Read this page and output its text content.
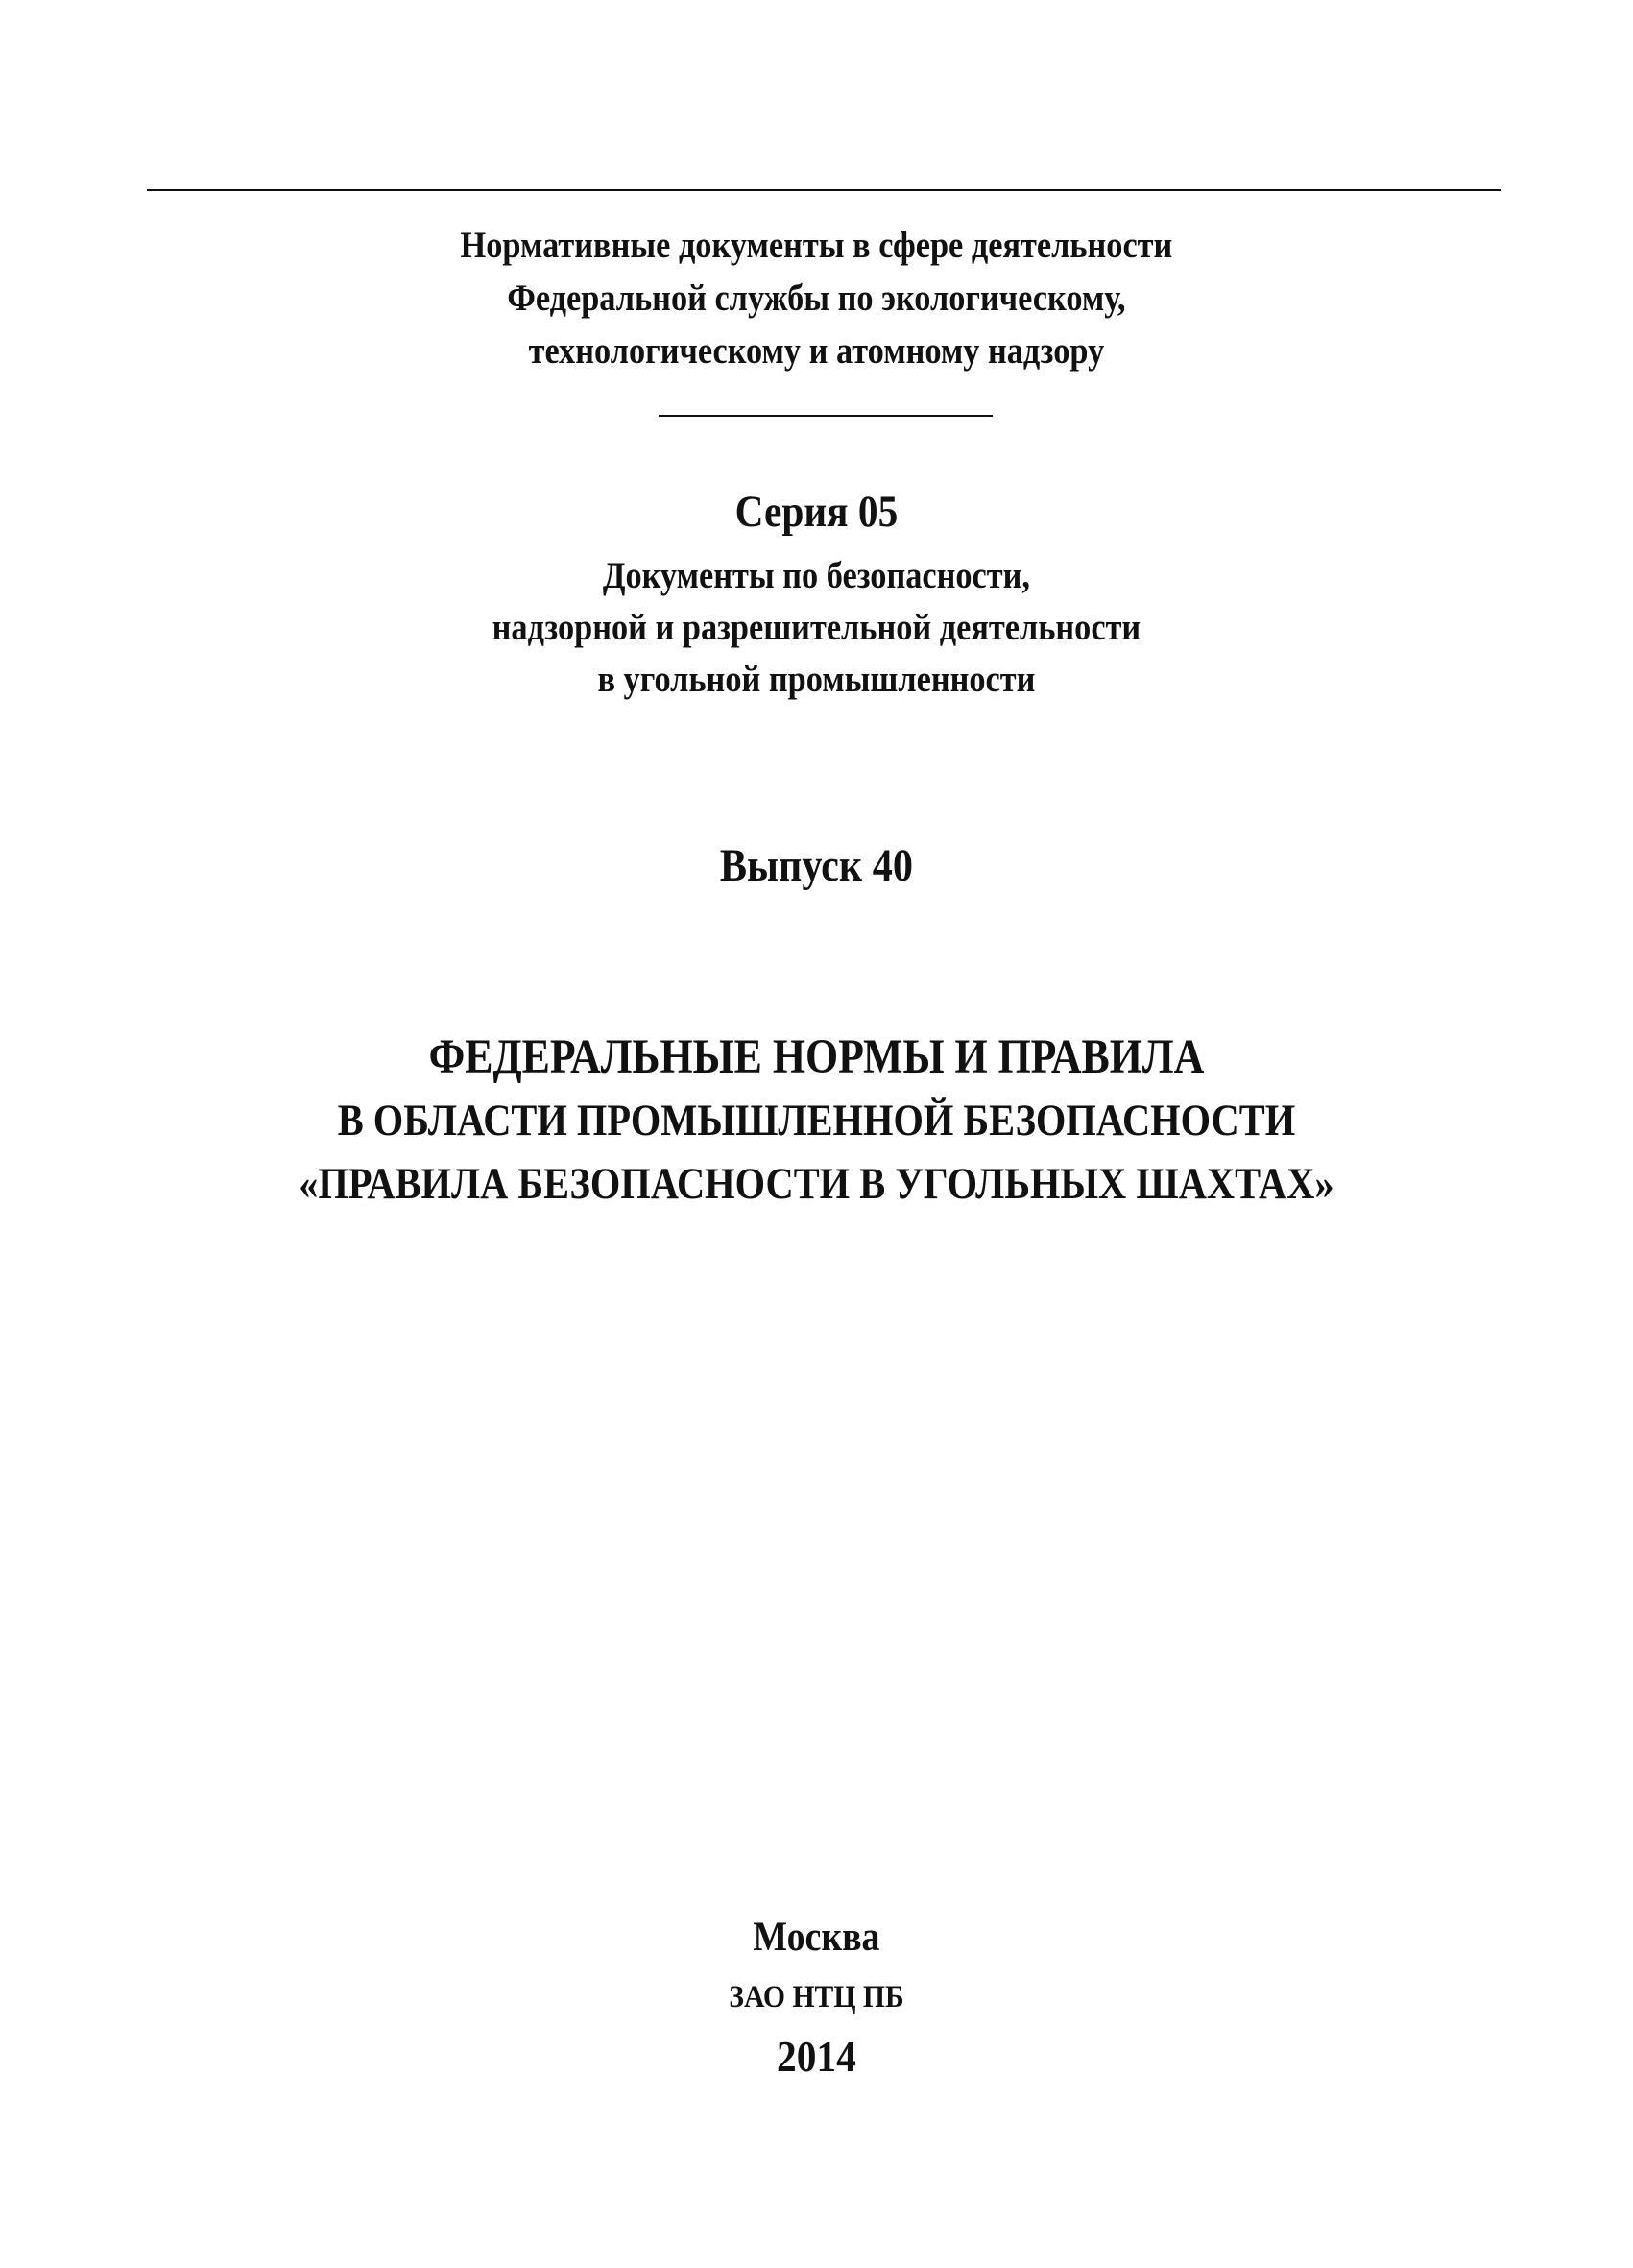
Нормативные документы в сфере деятельности
Федеральной службы по экологическому,
технологическому и атомному надзору
Серия 05
Документы по безопасности,
надзорной и разрешительной деятельности
в угольной промышленности
Выпуск 40
ФЕДЕРАЛЬНЫЕ НОРМЫ И ПРАВИЛА
В ОБЛАСТИ ПРОМЫШЛЕННОЙ БЕЗОПАСНОСТИ
«ПРАВИЛА БЕЗОПАСНОСТИ В УГОЛЬНЫХ ШАХТАХ»
Москва
ЗАО НТЦ ПБ
2014
